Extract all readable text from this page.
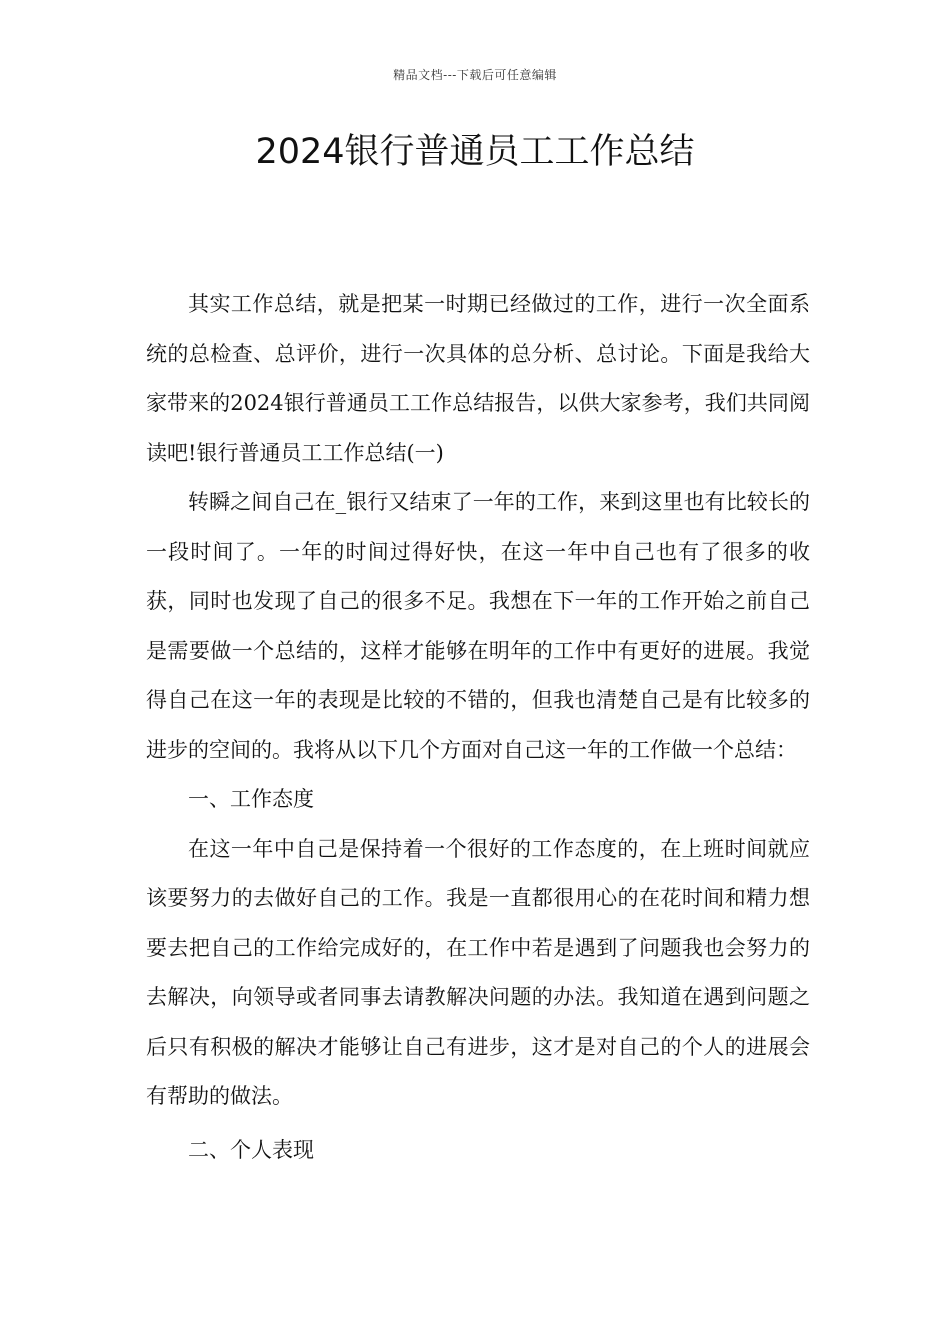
精品文档---下载后可任意编辑
2024银行普通员工工作总结

其实工作总结，就是把某一时期已经做过的工作，进行一次全面系统的总检查、总评价，进行一次具体的总分析、总讨论。下面是我给大家带来的2024银行普通员工工作总结报告，以供大家参考，我们共同阅读吧!银行普通员工工作总结(一)

转瞬之间自己在_银行又结束了一年的工作，来到这里也有比较长的一段时间了。一年的时间过得好快，在这一年中自己也有了很多的收获，同时也发现了自己的很多不足。我想在下一年的工作开始之前自己是需要做一个总结的，这样才能够在明年的工作中有更好的进展。我觉得自己在这一年的表现是比较的不错的，但我也清楚自己是有比较多的进步的空间的。我将从以下几个方面对自己这一年的工作做一个总结：

一、工作态度

在这一年中自己是保持着一个很好的工作态度的，在上班时间就应该要努力的去做好自己的工作。我是一直都很用心的在花时间和精力想要去把自己的工作给完成好的，在工作中若是遇到了问题我也会努力的去解决，向领导或者同事去请教解决问题的办法。我知道在遇到问题之后只有积极的解决才能够让自己有进步，这才是对自己的个人的进展会有帮助的做法。

二、个人表现
